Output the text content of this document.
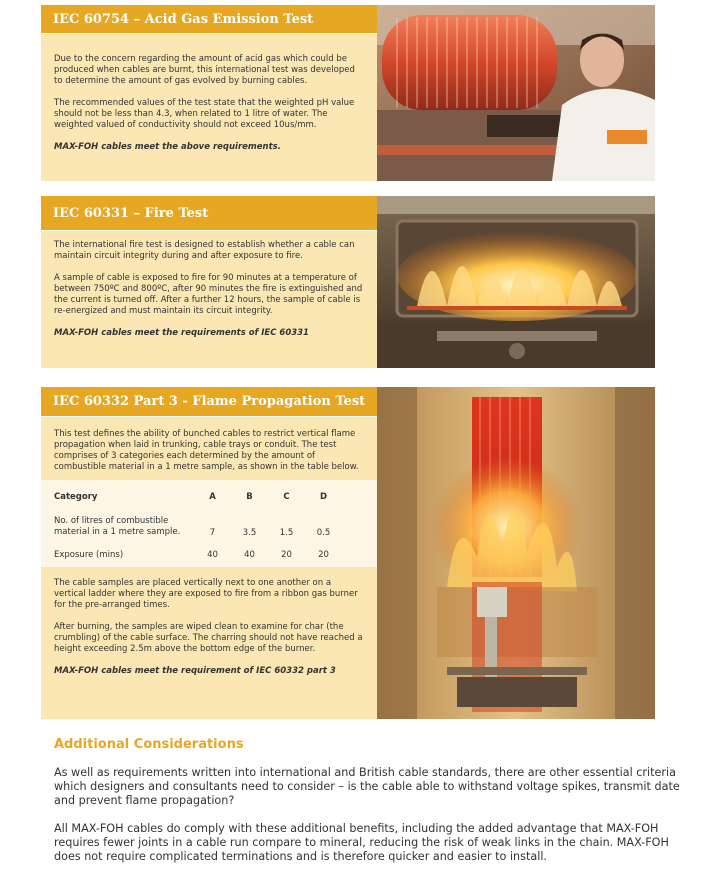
IEC 60754 – Acid Gas Emission Test

Due to the concern regarding the amount of acid gas which could be produced when cables are burnt, this international test was developed to determine the amount of gas evolved by burning cables.

The recommended values of the test state that the weighted pH value should not be less than 4.3, when related to 1 litre of water. The weighted valued of conductivity should not exceed 10us/mm.

MAX-FOH cables meet the above requirements.

IEC 60331 – Fire Test

The international fire test is designed to establish whether a cable can maintain circuit integrity during and after exposure to fire.

A sample of cable is exposed to fire for 90 minutes at a temperature of between 750ºC and 800ºC, after 90 minutes the fire is extinguished and the current is turned off. After a further 12 hours, the sample of cable is re-energized and must maintain its circuit integrity.

MAX-FOH cables meet the requirements of IEC 60331

IEC 60332 Part 3 - Flame Propagation Test

This test defines the ability of bunched cables to restrict vertical flame propagation when laid in trunking, cable trays or conduit. The test comprises of 3 categories each determined by the amount of combustible material in a 1 metre sample, as shown in the table below.

Category	A	B	C	D
No. of litres of combustible material in a 1 metre sample.	7	3.5	1.5	0.5
Exposure (mins)	40	40	20	20

The cable samples are placed vertically next to one another on a vertical ladder where they are exposed to fire from a ribbon gas burner for the pre-arranged times.

After burning, the samples are wiped clean to examine for char (the crumbling) of the cable surface. The charring should not have reached a height exceeding 2.5m above the bottom edge of the burner.

MAX-FOH cables meet the requirement of IEC 60332 part 3

Additional Considerations

As well as requirements written into international and British cable standards, there are other essential criteria which designers and consultants need to consider – is the cable able to withstand voltage spikes, transmit date and prevent flame propagation?

All MAX-FOH cables do comply with these additional benefits, including the added advantage that MAX-FOH requires fewer joints in a cable run compare to mineral, reducing the risk of weak links in the chain. MAX-FOH does not require complicated terminations and is therefore quicker and easier to install.
